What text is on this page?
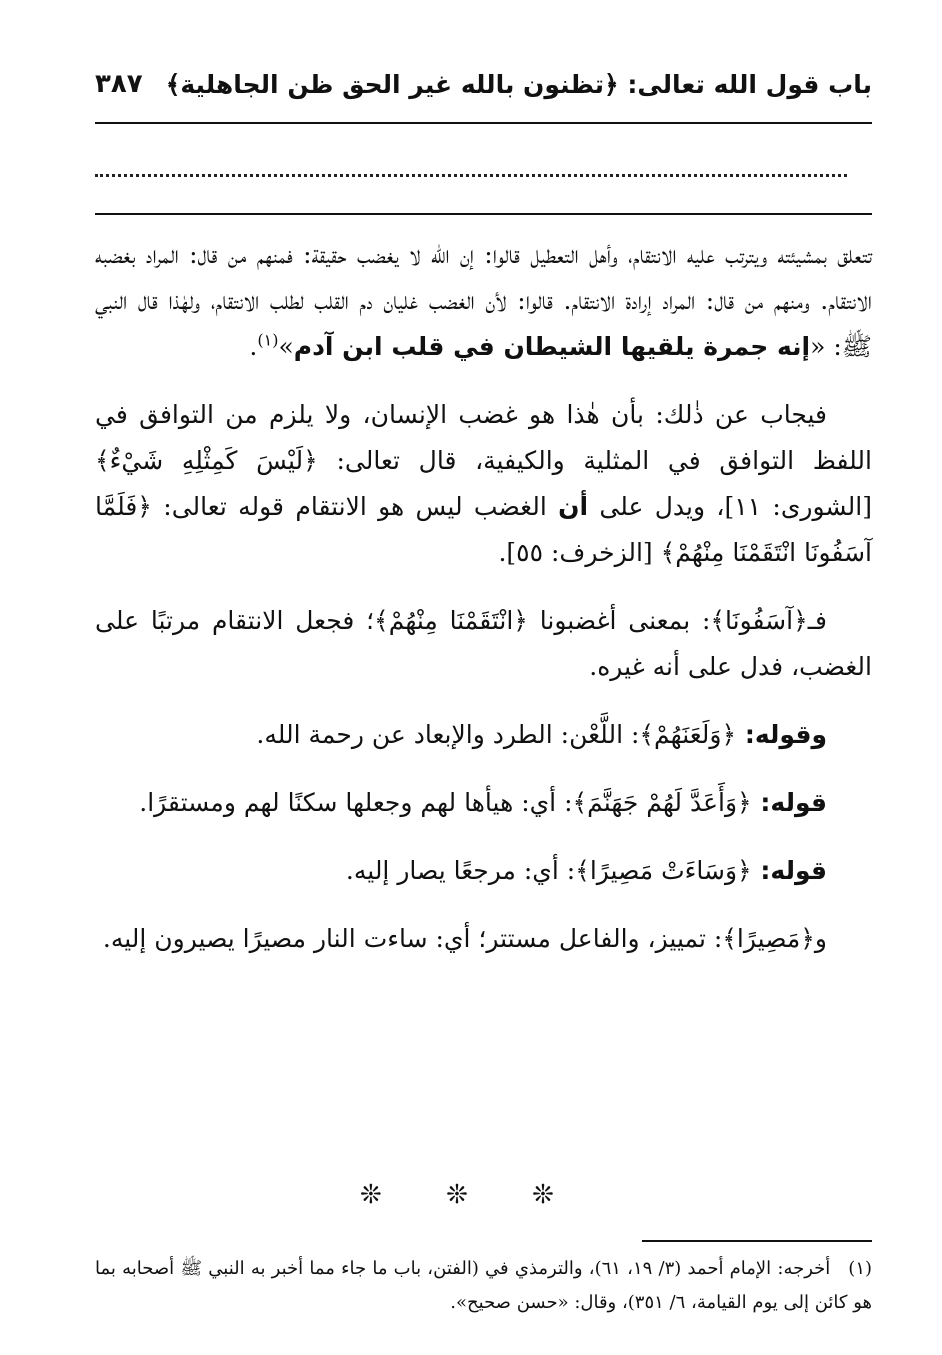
باب قول الله تعالى: ﴿تظنون بالله غير الحق ظن الجاهلية﴾
٣٨٧

تتعلق بمشيئته ويترتب عليه الانتقام، وأهل التعطيل قالوا: إن الله لا يغضب حقيقة: فمنهم من قال: المراد بغضبه الانتقام. ومنهم من قال: المراد إرادة الانتقام. قالوا: لأن الغضب غليان دم القلب لطلب الانتقام، ولهٰذا قال النبي ﷺ: «إنه جمرة يلقيها الشيطان في قلب ابن آدم»$^{(١)}$.

فيجاب عن ذٰلك: بأن هٰذا هو غضب الإنسان، ولا يلزم من التوافق في اللفظ التوافق في المثلية والكيفية، قال تعالى: ﴿لَيْسَ كَمِثْلِهِ شَيْءٌ﴾ [الشورى: ١١]، ويدل على أن الغضب ليس هو الانتقام قوله تعالى: ﴿فَلَمَّا آسَفُونَا انْتَقَمْنَا مِنْهُمْ﴾ [الزخرف: ٥٥].

فـ﴿آسَفُونَا﴾: بمعنى أغضبونا ﴿انْتَقَمْنَا مِنْهُمْ﴾؛ فجعل الانتقام مرتبًا على الغضب، فدل على أنه غيره.

وقوله: ﴿وَلَعَنَهُمْ﴾: اللَّعْن: الطرد والإبعاد عن رحمة الله.

قوله: ﴿وَأَعَدَّ لَهُمْ جَهَنَّمَ﴾: أي: هيأها لهم وجعلها سكنًا لهم ومستقرًا.

قوله: ﴿وَسَاءَتْ مَصِيرًا﴾: أي: مرجعًا يصار إليه.

و﴿مَصِيرًا﴾: تمييز، والفاعل مستتر؛ أي: ساءت النار مصيرًا يصيرون إليه.

❊ ❊ ❊
(١)أخرجه: الإمام أحمد (٣/ ١٩، ٦١)، والترمذي في (الفتن، باب ما جاء مما أخبر به النبي ﷺ أصحابه بما هو كائن إلى يوم القيامة، ٦/ ٣٥١)، وقال: «حسن صحيح».
